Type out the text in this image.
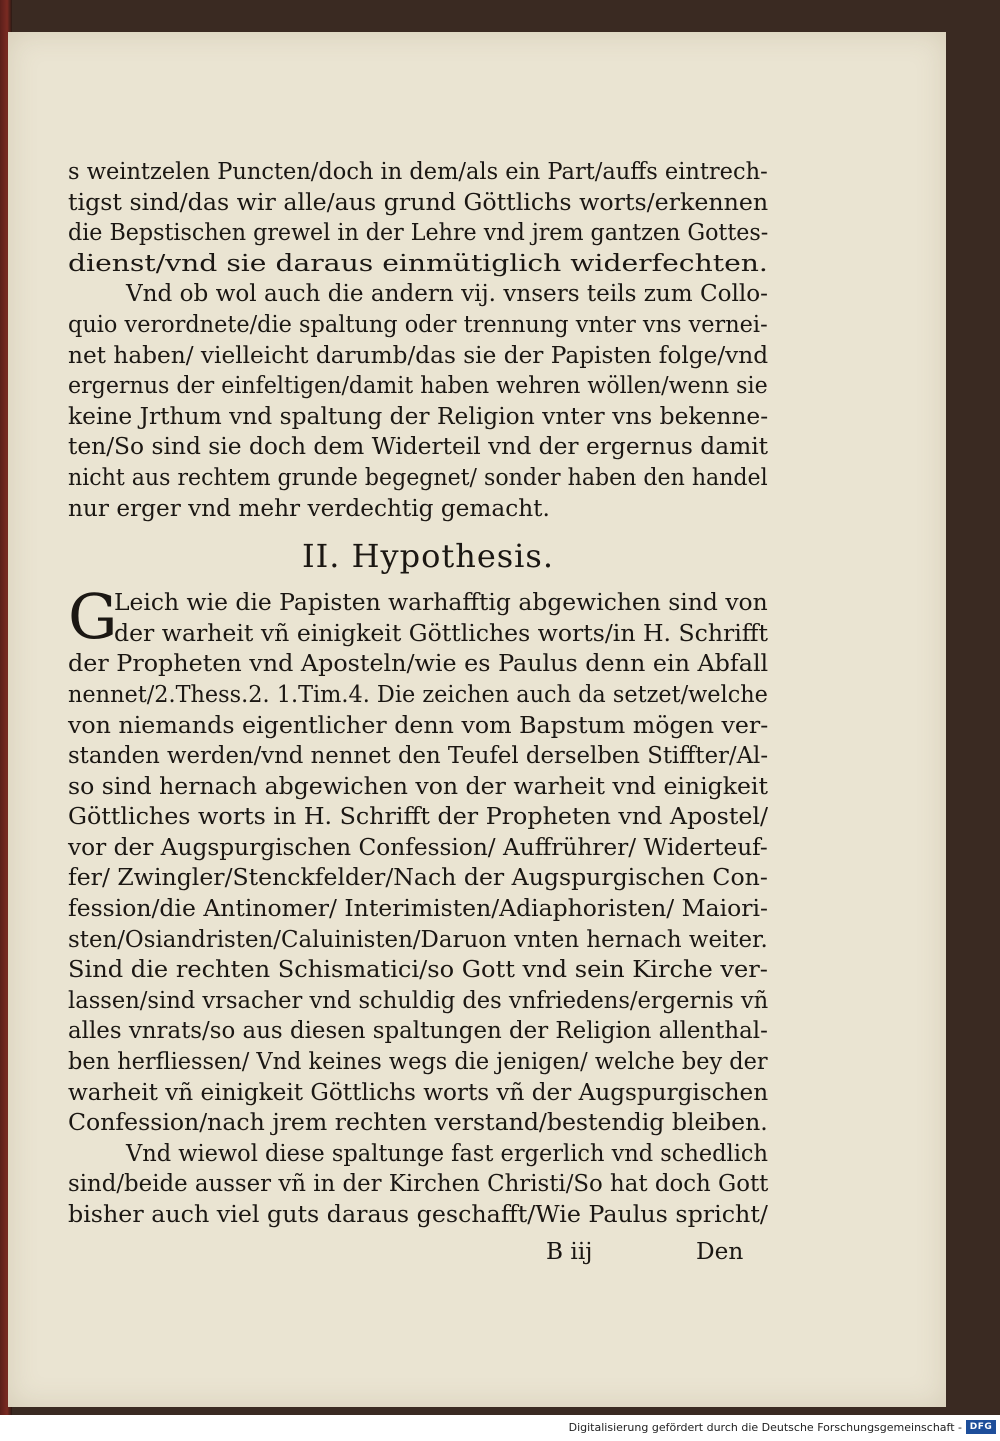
s weintzelen Puncten/doch in dem/als ein Part/auffs eintrech-
tigst sind/das wir alle/aus grund Göttlichs worts/erkennen
die Bepstischen grewel in der Lehre vnd jrem gantzen Gottes-
dienst/vnd sie daraus einmütiglich widerfechten.
Vnd ob wol auch die andern vij. vnsers teils zum Collo-
quio verordnete/die spaltung oder trennung vnter vns vernei-
net haben/ vielleicht darumb/das sie der Papisten folge/vnd
ergernus der einfeltigen/damit haben wehren wöllen/wenn sie
keine Jrthum vnd spaltung der Religion vnter vns bekenne-
ten/So sind sie doch dem Widerteil vnd der ergernus damit
nicht aus rechtem grunde begegnet/ sonder haben den handel
nur erger vnd mehr verdechtig gemacht.
II. Hypothesis.
G
Leich wie die Papisten warhafftig abgewichen sind von
der warheit vñ einigkeit Göttliches worts/in H. Schrifft
der Propheten vnd Aposteln/wie es Paulus denn ein Abfall
nennet/2.Thess.2. 1.Tim.4. Die zeichen auch da setzet/welche
von niemands eigentlicher denn vom Bapstum mögen ver-
standen werden/vnd nennet den Teufel derselben Stiffter/Al-
so sind hernach abgewichen von der warheit vnd einigkeit
Göttliches worts in H. Schrifft der Propheten vnd Apostel/
vor der Augspurgischen Confession/ Auffrührer/ Widerteuf-
fer/ Zwingler/Stenckfelder/Nach der Augspurgischen Con-
fession/die Antinomer/ Interimisten/Adiaphoristen/ Maiori-
sten/Osiandristen/Caluinisten/Daruon vnten hernach weiter.
Sind die rechten Schismatici/so Gott vnd sein Kirche ver-
lassen/sind vrsacher vnd schuldig des vnfriedens/ergernis vñ
alles vnrats/so aus diesen spaltungen der Religion allenthal-
ben herfliessen/ Vnd keines wegs die jenigen/ welche bey der
warheit vñ einigkeit Göttlichs worts vñ der Augspurgischen
Confession/nach jrem rechten verstand/bestendig bleiben.
Vnd wiewol diese spaltunge fast ergerlich vnd schedlich
sind/beide ausser vñ in der Kirchen Christi/So hat doch Gott
bisher auch viel guts daraus geschafft/Wie Paulus spricht/
B iij	Den
Digitalisierung gefördert durch die Deutsche Forschungsgemeinschaft - DFG
